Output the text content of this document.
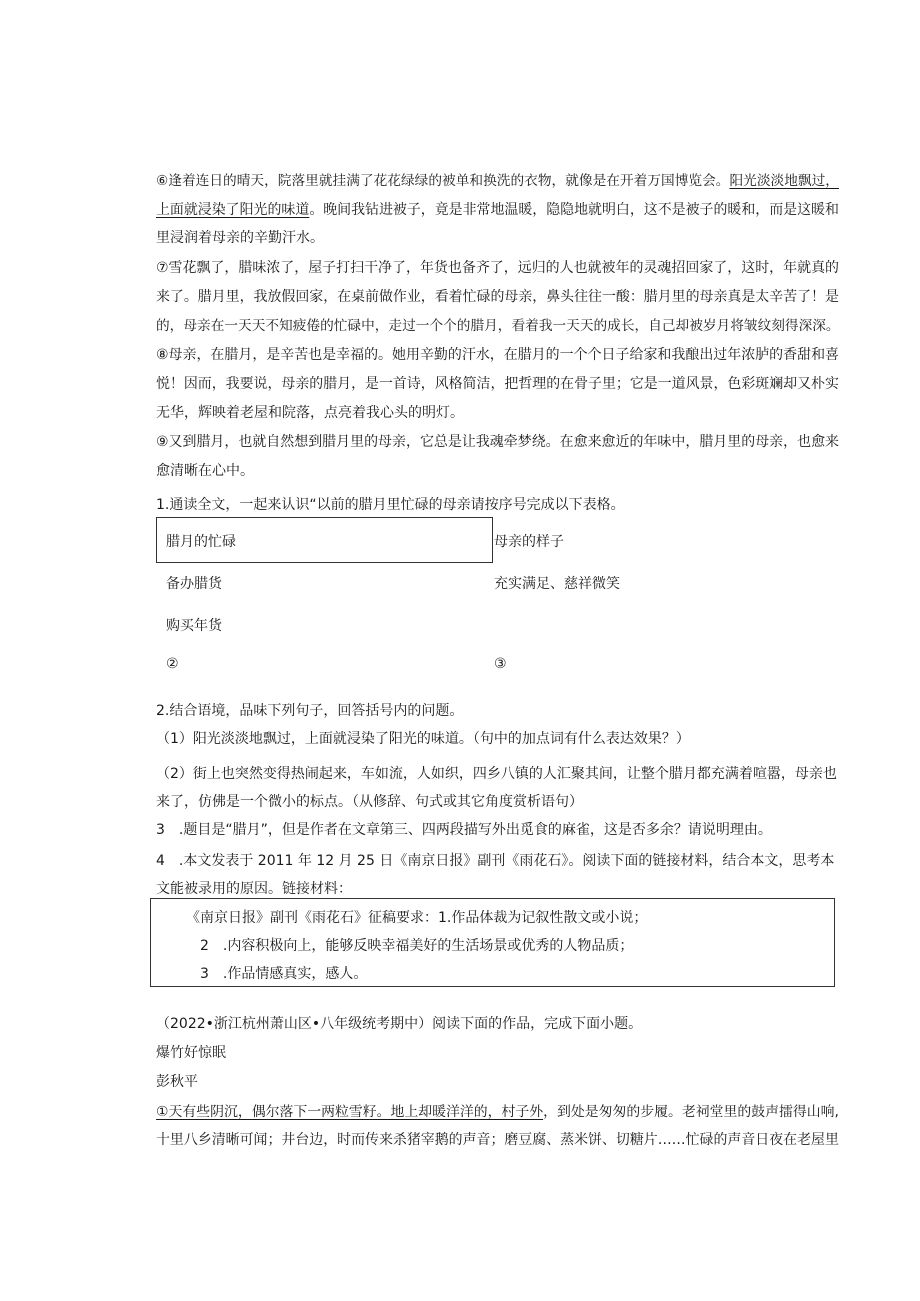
⑥逢着连日的晴天，院落里就挂满了花花绿绿的被单和换洗的衣物，就像是在开着万国博览会。阳光淡淡地飘过，
上面就浸染了阳光的味道。晚间我钻进被子，竟是非常地温暖，隐隐地就明白，这不是被子的暖和，而是这暖和
里浸润着母亲的辛勤汗水。
⑦雪花飘了，腊味浓了，屋子打扫干净了，年货也备齐了，远归的人也就被年的灵魂招回家了，这时，年就真的
来了。腊月里，我放假回家，在桌前做作业，看着忙碌的母亲，鼻头往往一酸：腊月里的母亲真是太辛苦了！是
的，母亲在一天天不知疲倦的忙碌中，走过一个个的腊月，看着我一天天的成长，自己却被岁月将皱纹刻得深深。
⑧母亲，在腊月，是辛苦也是幸福的。她用辛勤的汗水，在腊月的一个个日子给家和我酿出过年浓胪的香甜和喜
悦！因而，我要说，母亲的腊月，是一首诗，风格简洁，把哲理的在骨子里；它是一道风景，色彩斑斓却又朴实
无华，辉映着老屋和院落，点亮着我心头的明灯。
⑨又到腊月，也就自然想到腊月里的母亲，它总是让我魂牵梦绕。在愈来愈近的年味中，腊月里的母亲，也愈来
愈清晰在心中。
1.通读全文，一起来认识“以前的腊月里忙碌的母亲请按序号完成以下表格。
腊月的忙碌	母亲的样子
备办腊货	充实满足、慈祥微笑
购买年货
②	③
2.结合语境，品味下列句子，回答括号内的问题。
（1）阳光淡淡地飘过，上面就浸染了阳光的味道。（句中的加点词有什么表达效果？）
（2）街上也突然变得热闹起来，车如流，人如织，四乡八镇的人汇聚其间，让整个腊月都充满着喧嚣，母亲也
来了，仿佛是一个微小的标点。（从修辞、句式或其它角度赏析语句）
3　.题目是“腊月”，但是作者在文章第三、四两段描写外出觅食的麻雀，这是否多余？请说明理由。
4　.本文发表于 2011 年 12 月 25 日《南京日报》副刊《雨花石》。阅读下面的链接材料，结合本文，思考本
文能被录用的原因。链接材料：
《南京日报》副刊《雨花石》征稿要求：1.作品体裁为记叙性散文或小说；
2　.内容积极向上，能够反映幸福美好的生活场景或优秀的人物品质；
3　.作品情感真实，感人。
（2022•浙江杭州萧山区•八年级统考期中）阅读下面的作品，完成下面小题。
爆竹好惊眠
彭秋平
①天有些阴沉，偶尔落下一两粒雪籽。地上却暖洋洋的，村子外，到处是匆匆的步履。老祠堂里的鼓声擂得山响,
十里八乡清晰可闻；井台边，时而传来杀猪宰鹅的声音；磨豆腐、蒸米饼、切糖片……忙碌的声音日夜在老屋里
